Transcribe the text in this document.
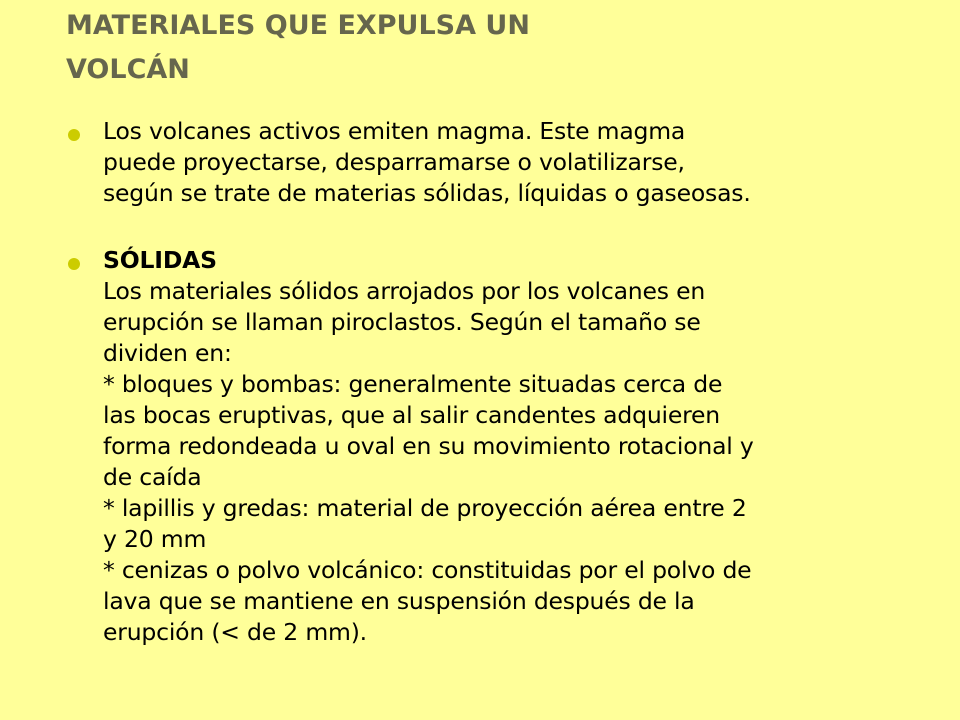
MATERIALES QUE EXPULSA UN
VOLCÁN
Los volcanes activos emiten magma. Este magma
puede proyectarse, desparramarse o volatilizarse,
según se trate de materias sólidas, líquidas o gaseosas.
SÓLIDAS
Los materiales sólidos arrojados por los volcanes en
erupción se llaman piroclastos. Según el tamaño se
dividen en:
* bloques y bombas: generalmente situadas cerca de
las bocas eruptivas, que al salir candentes adquieren
forma redondeada u oval en su movimiento rotacional y
de caída
* lapillis y gredas: material de proyección aérea entre 2
y 20 mm
* cenizas o polvo volcánico: constituidas por el polvo de
lava que se mantiene en suspensión después de la
erupción (< de 2 mm).
